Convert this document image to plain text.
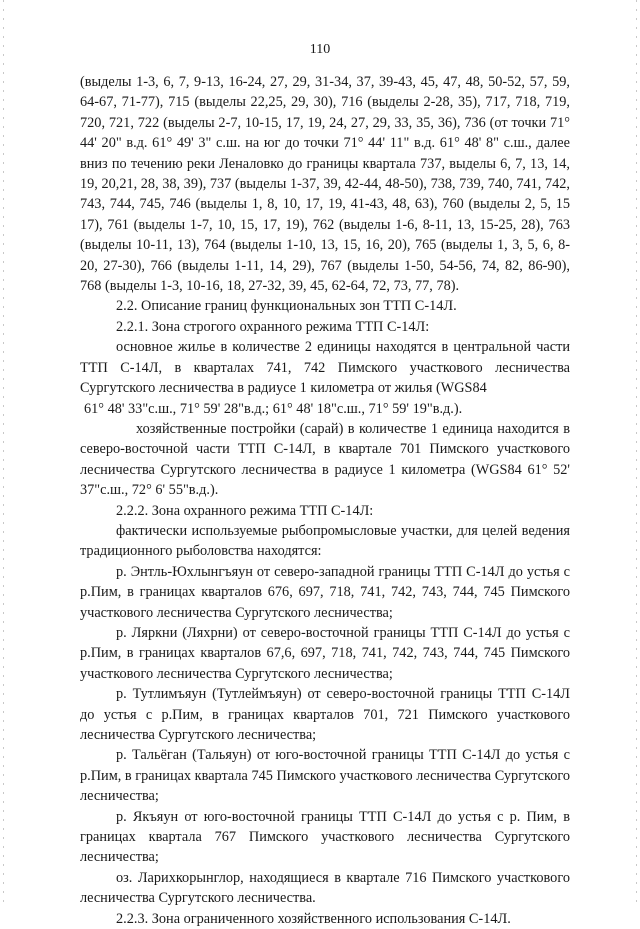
110

(выделы 1-3, 6, 7, 9-13, 16-24, 27, 29, 31-34, 37, 39-43, 45, 47, 48, 50-52, 57, 59, 64-67, 71-77), 715 (выделы 22,25, 29, 30), 716 (выделы 2-28, 35), 717, 718, 719, 720, 721, 722 (выделы 2-7, 10-15, 17, 19, 24, 27, 29, 33, 35, 36), 736 (от точки 71° 44' 20" в.д. 61° 49' 3" с.ш. на юг до точки 71° 44' 11" в.д. 61° 48' 8" с.ш., далее вниз по течению реки Леналовко до границы квартала 737, выделы 6, 7, 13, 14, 19, 20,21, 28, 38, 39), 737 (выделы 1-37, 39, 42-44, 48-50), 738, 739, 740, 741, 742, 743, 744, 745, 746 (выделы 1, 8, 10, 17, 19, 41-43, 48, 63), 760 (выделы 2, 5, 15 17), 761 (выделы 1-7, 10, 15, 17, 19), 762 (выделы 1-6, 8-11, 13, 15-25, 28), 763 (выделы 10-11, 13), 764 (выделы 1-10, 13, 15, 16, 20), 765 (выделы 1, 3, 5, 6, 8-20, 27-30), 766 (выделы 1-11, 14, 29), 767 (выделы 1-50, 54-56, 74, 82, 86-90), 768 (выделы 1-3, 10-16, 18, 27-32, 39, 45, 62-64, 72, 73, 77, 78).

2.2. Описание границ функциональных зон ТТП С-14Л.

2.2.1. Зона строгого охранного режима ТТП С-14Л:

основное жилье в количестве 2 единицы находятся в центральной части ТТП С-14Л, в кварталах 741, 742 Пимского участкового лесничества Сургутского лесничества в радиусе 1 километра от жилья (WGS84

61° 48' 33"с.ш., 71° 59' 28"в.д.; 61° 48' 18"с.ш., 71° 59' 19"в.д.).

хозяйственные постройки (сарай) в количестве 1 единица находится в северо-восточной части ТТП С-14Л, в квартале 701 Пимского участкового лесничества Сургутского лесничества в радиусе 1 километра (WGS84 61° 52' 37"с.ш., 72° 6' 55"в.д.).

2.2.2. Зона охранного режима ТТП С-14Л:

фактически используемые рыбопромысловые участки, для целей ведения традиционного рыболовства находятся:

р. Энтль-Юхлынгъяун от северо-западной границы ТТП С-14Л до устья с р.Пим, в границах кварталов 676, 697, 718, 741, 742, 743, 744, 745 Пимского участкового лесничества Сургутского лесничества;

р. Ляркни (Ляхрни) от северо-восточной границы ТТП С-14Л до устья с р.Пим, в границах кварталов 67,6, 697, 718, 741, 742, 743, 744, 745 Пимского участкового лесничества Сургутского лесничества;

р. Тутлимъяун (Тутлеймъяун) от северо-восточной границы ТТП С-14Л до устья с р.Пим, в границах кварталов 701, 721 Пимского участкового лесничества Сургутского лесничества;

р. Тальёган (Тальяун) от юго-восточной границы ТТП С-14Л до устья с р.Пим, в границах квартала 745 Пимского участкового лесничества Сургутского лесничества;

р. Якъяун от юго-восточной границы ТТП С-14Л до устья с р. Пим, в границах квартала 767 Пимского участкового лесничества Сургутского лесничества;

оз. Ларихкорынглор, находящиеся в квартале 716 Пимского участкового лесничества Сургутского лесничества.

2.2.3. Зона ограниченного хозяйственного использования С-14Л.
